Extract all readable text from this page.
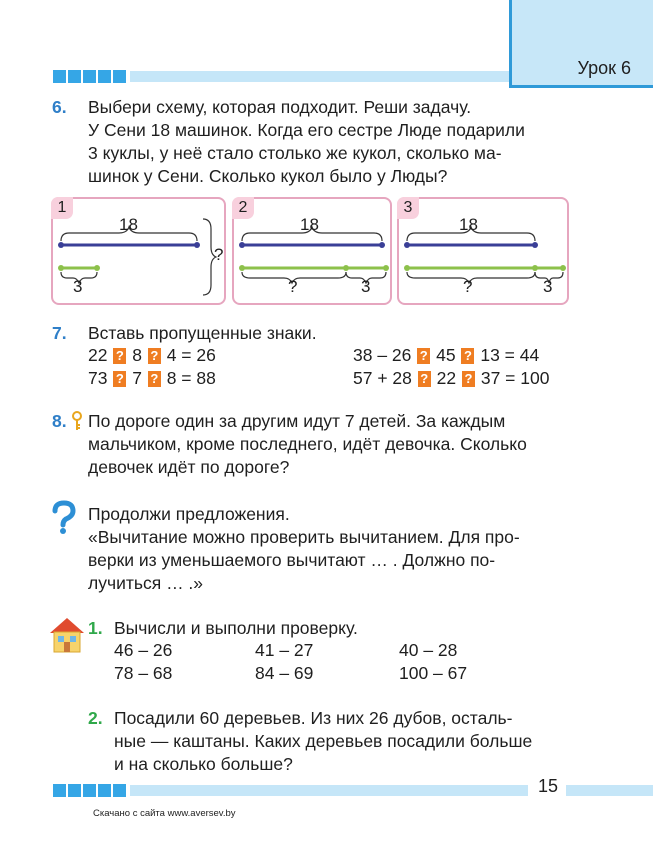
Урок 6
6. Выбери схему, которая подходит. Реши задачу.
У Сени 18 машинок. Когда его сестре Люде подарили
3 куклы, у неё стало столько же кукол, сколько ма-
шинок у Сени. Сколько кукол было у Люды?
1
18
3
?
2
18
?	3
3
18
?	3
7. Вставь пропущенные знаки.
22 ? 8 ? 4 = 26	38 – 26 ? 45 ? 13 = 44
73 ? 7 ? 8 = 88	57 + 28 ? 22 ? 37 = 100
8. По дороге один за другим идут 7 детей. За каждым
мальчиком, кроме последнего, идёт девочка. Сколько
девочек идёт по дороге?
Продолжи предложения.
«Вычитание можно проверить вычитанием. Для про-
верки из уменьшаемого вычитают … . Должно по-
лучиться … .»
1. Вычисли и выполни проверку.
46 – 26	41 – 27	40 – 28
78 – 68	84 – 69	100 – 67
2. Посадили 60 деревьев. Из них 26 дубов, осталь-
ные — каштаны. Каких деревьев посадили больше
и на сколько больше?
15
Скачано с сайта www.aversev.by
